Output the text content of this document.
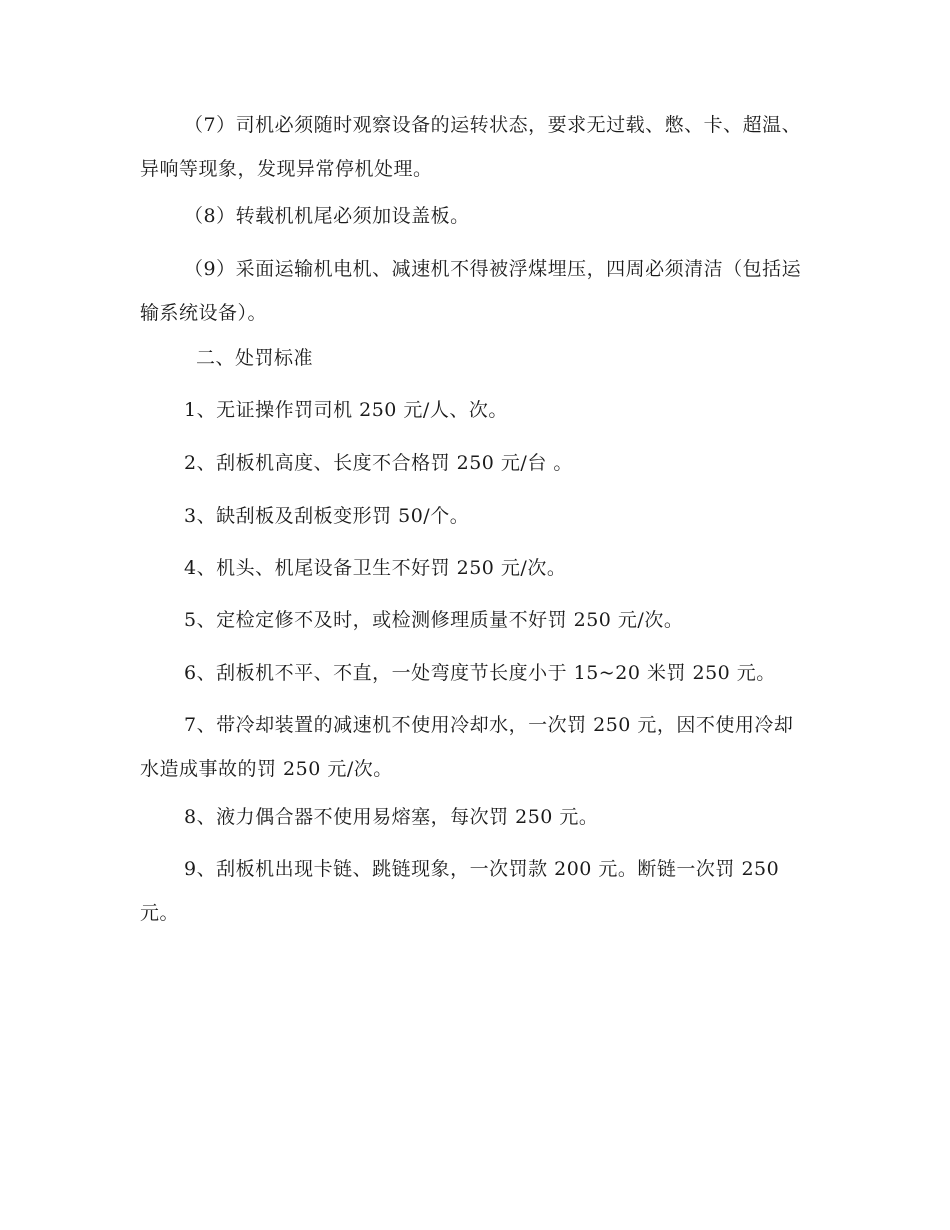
（7）司机必须随时观察设备的运转状态，要求无过载、憋、卡、超温、异响等现象，发现异常停机处理。
（8）转载机机尾必须加设盖板。
（9）采面运输机电机、减速机不得被浮煤埋压，四周必须清洁（包括运输系统设备）。
二、处罚标准
1、无证操作罚司机 250 元/人、次。
2、刮板机高度、长度不合格罚 250 元/台 。
3、缺刮板及刮板变形罚 50/个。
4、机头、机尾设备卫生不好罚 250 元/次。
5、定检定修不及时，或检测修理质量不好罚 250 元/次。
6、刮板机不平、不直，一处弯度节长度小于 15~20 米罚 250 元。
7、带冷却装置的减速机不使用冷却水，一次罚 250 元，因不使用冷却水造成事故的罚 250 元/次。
8、液力偶合器不使用易熔塞，每次罚 250 元。
9、刮板机出现卡链、跳链现象，一次罚款 200 元。断链一次罚 250 元。
